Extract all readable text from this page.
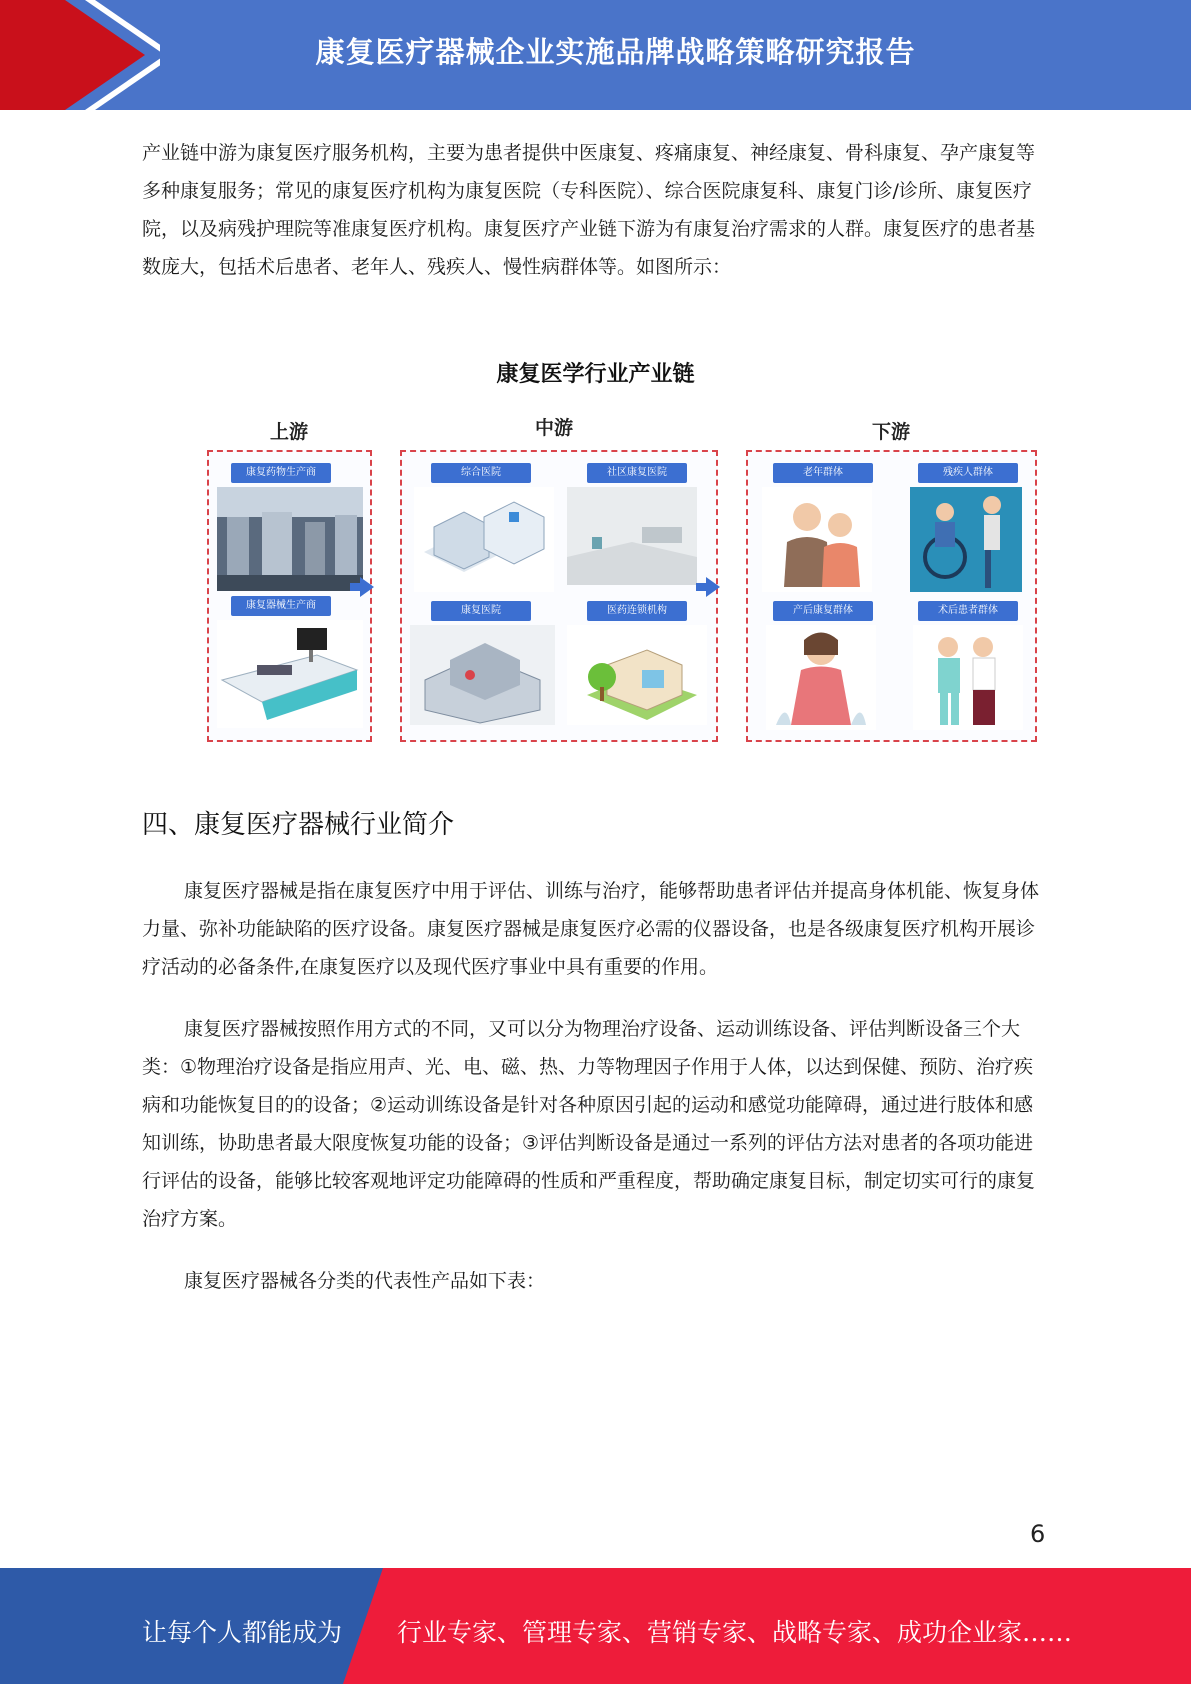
康复医疗器械企业实施品牌战略策略研究报告

产业链中游为康复医疗服务机构，主要为患者提供中医康复、疼痛康复、神经康复、骨科康复、孕产康复等多种康复服务；常见的康复医疗机构为康复医院（专科医院）、综合医院康复科、康复门诊/诊所、康复医疗院，以及病残护理院等准康复医疗机构。康复医疗产业链下游为有康复治疗需求的人群。康复医疗的患者基数庞大，包括术后患者、老年人、残疾人、慢性病群体等。如图所示：

康复医学行业产业链
上游	中游	下游
康复药物生产商
康复器械生产商
综合医院	社区康复医院
康复医院	医药连锁机构
老年群体	残疾人群体
产后康复群体	术后患者群体
四、康复医疗器械行业简介

康复医疗器械是指在康复医疗中用于评估、训练与治疗，能够帮助患者评估并提高身体机能、恢复身体力量、弥补功能缺陷的医疗设备。康复医疗器械是康复医疗必需的仪器设备，也是各级康复医疗机构开展诊疗活动的必备条件,在康复医疗以及现代医疗事业中具有重要的作用。

康复医疗器械按照作用方式的不同，又可以分为物理治疗设备、运动训练设备、评估判断设备三个大类：①物理治疗设备是指应用声、光、电、磁、热、力等物理因子作用于人体，以达到保健、预防、治疗疾病和功能恢复目的的设备；②运动训练设备是针对各种原因引起的运动和感觉功能障碍，通过进行肢体和感知训练，协助患者最大限度恢复功能的设备；③评估判断设备是通过一系列的评估方法对患者的各项功能进行评估的设备，能够比较客观地评定功能障碍的性质和严重程度，帮助确定康复目标，制定切实可行的康复治疗方案。

康复医疗器械各分类的代表性产品如下表：

6
让每个人都能成为 行业专家、管理专家、营销专家、战略专家、成功企业家……
